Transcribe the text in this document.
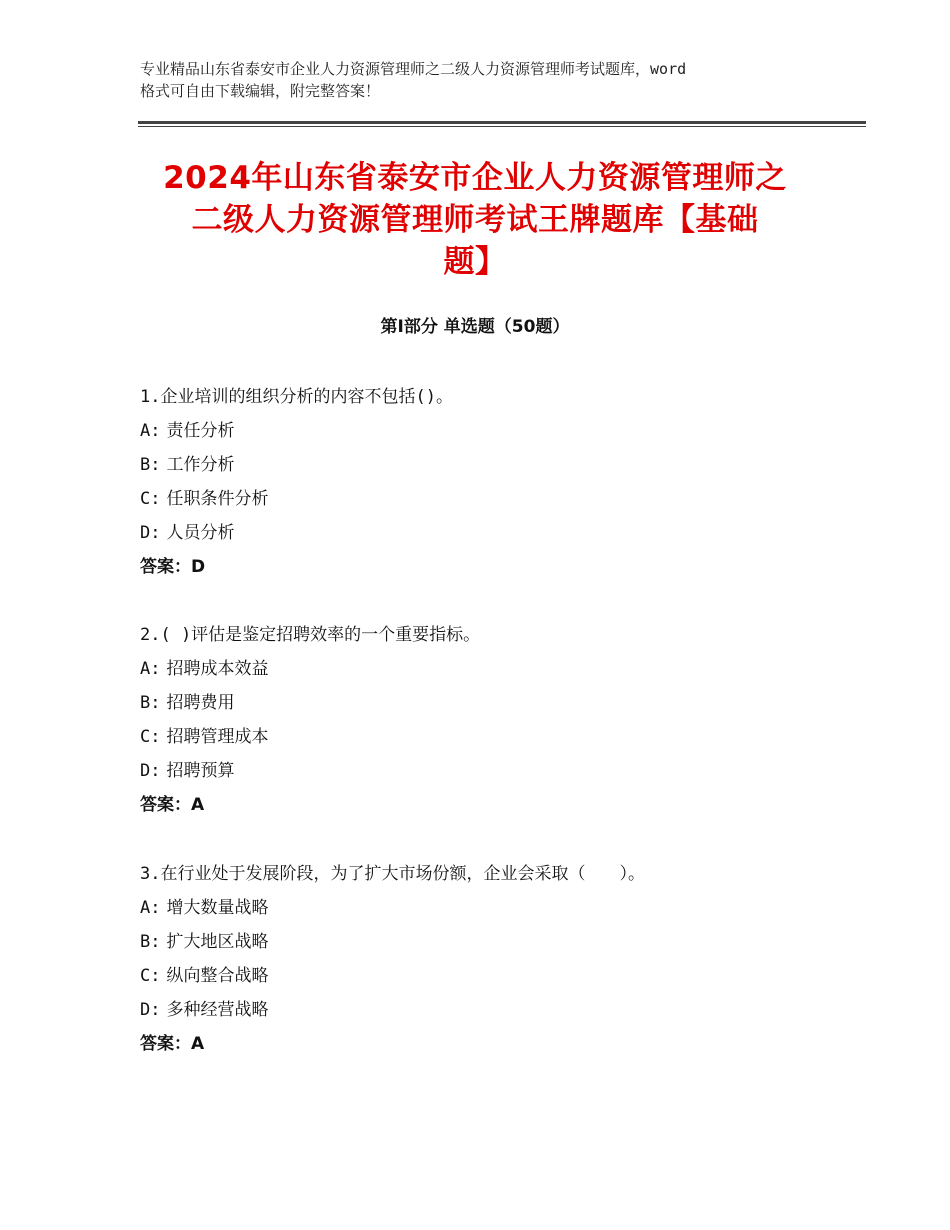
专业精品山东省泰安市企业人力资源管理师之二级人力资源管理师考试题库，word
格式可自由下载编辑，附完整答案！
2024年山东省泰安市企业人力资源管理师之
二级人力资源管理师考试王牌题库【基础
题】
第Ⅰ部分 单选题（50题）
1.企业培训的组织分析的内容不包括()。
A: 责任分析
B: 工作分析
C: 任职条件分析
D: 人员分析
答案：D
2.( )评估是鉴定招聘效率的一个重要指标。
A: 招聘成本效益
B: 招聘费用
C: 招聘管理成本
D: 招聘预算
答案：A
3.在行业处于发展阶段，为了扩大市场份额，企业会采取（　　）。
A: 增大数量战略
B: 扩大地区战略
C: 纵向整合战略
D: 多种经营战略
答案：A
